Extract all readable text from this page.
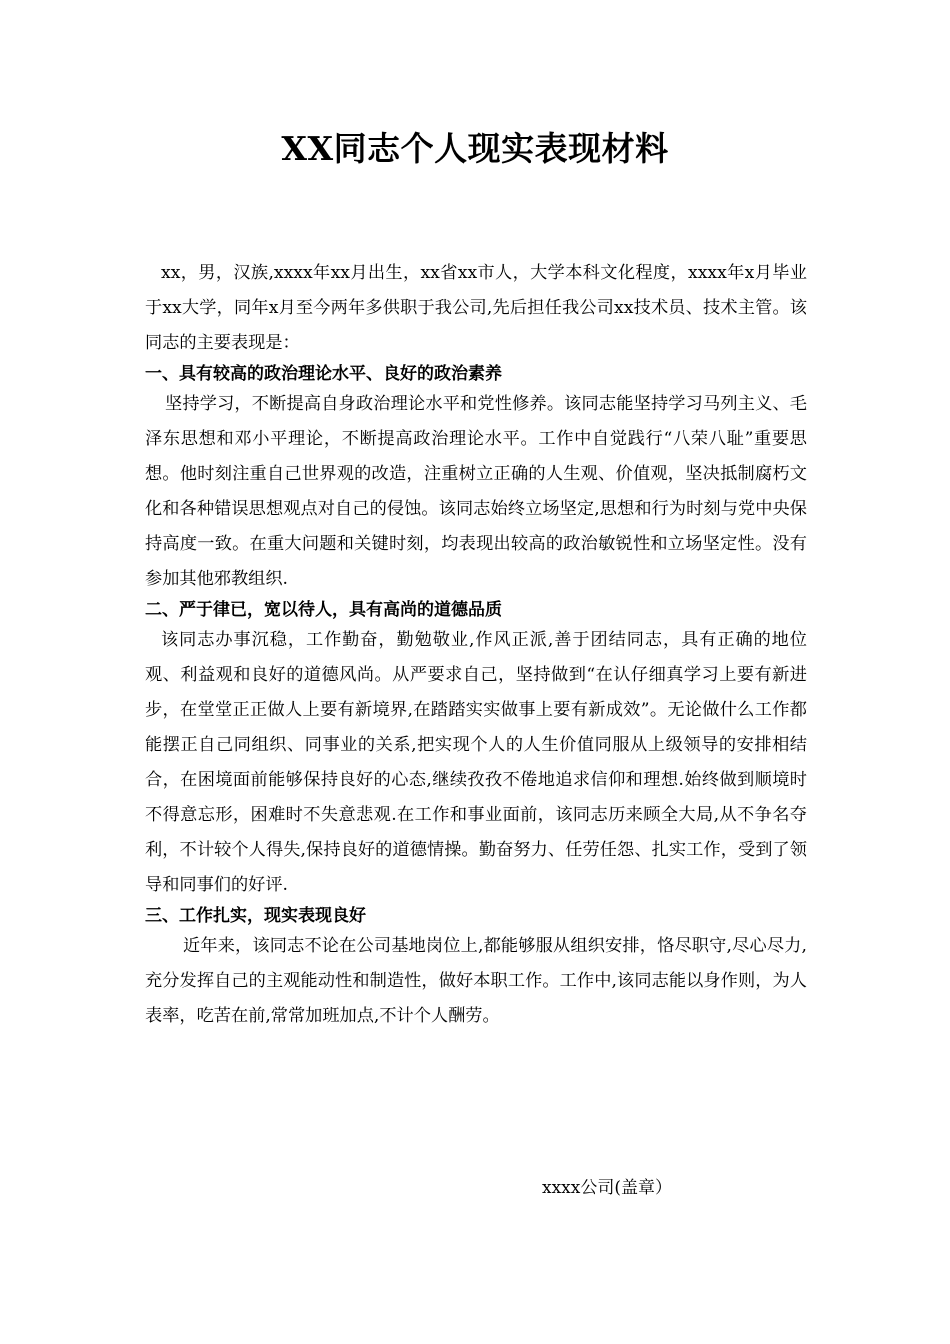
XX同志个人现实表现材料

xx，男，汉族,xxxx年xx月出生，xx省xx市人，大学本科文化程度，xxxx年x月毕业于xx大学，同年x月至今两年多供职于我公司,先后担任我公司xx技术员、技术主管。该同志的主要表现是：

一、具有较高的政治理论水平、良好的政治素养

坚持学习，不断提高自身政治理论水平和党性修养。该同志能坚持学习马列主义、毛泽东思想和邓小平理论，不断提高政治理论水平。工作中自觉践行“八荣八耻”重要思想。他时刻注重自己世界观的改造，注重树立正确的人生观、价值观，坚决抵制腐朽文化和各种错误思想观点对自己的侵蚀。该同志始终立场坚定,思想和行为时刻与党中央保持高度一致。在重大问题和关键时刻，均表现出较高的政治敏锐性和立场坚定性。没有参加其他邪教组织.

二、严于律已，宽以待人，具有高尚的道德品质

该同志办事沉稳，工作勤奋，勤勉敬业,作风正派,善于团结同志，具有正确的地位观、利益观和良好的道德风尚。从严要求自己，坚持做到“在认仔细真学习上要有新进步，在堂堂正正做人上要有新境界,在踏踏实实做事上要有新成效”。无论做什么工作都能摆正自己同组织、同事业的关系,把实现个人的人生价值同服从上级领导的安排相结合，在困境面前能够保持良好的心态,继续孜孜不倦地追求信仰和理想.始终做到顺境时不得意忘形，困难时不失意悲观.在工作和事业面前，该同志历来顾全大局,从不争名夺利，不计较个人得失,保持良好的道德情操。勤奋努力、任劳任怨、扎实工作，受到了领导和同事们的好评.

三、工作扎实，现实表现良好

近年来，该同志不论在公司基地岗位上,都能够服从组织安排，恪尽职守,尽心尽力,充分发挥自己的主观能动性和制造性，做好本职工作。工作中,该同志能以身作则，为人表率，吃苦在前,常常加班加点,不计个人酬劳。

xxxx公司(盖章）
